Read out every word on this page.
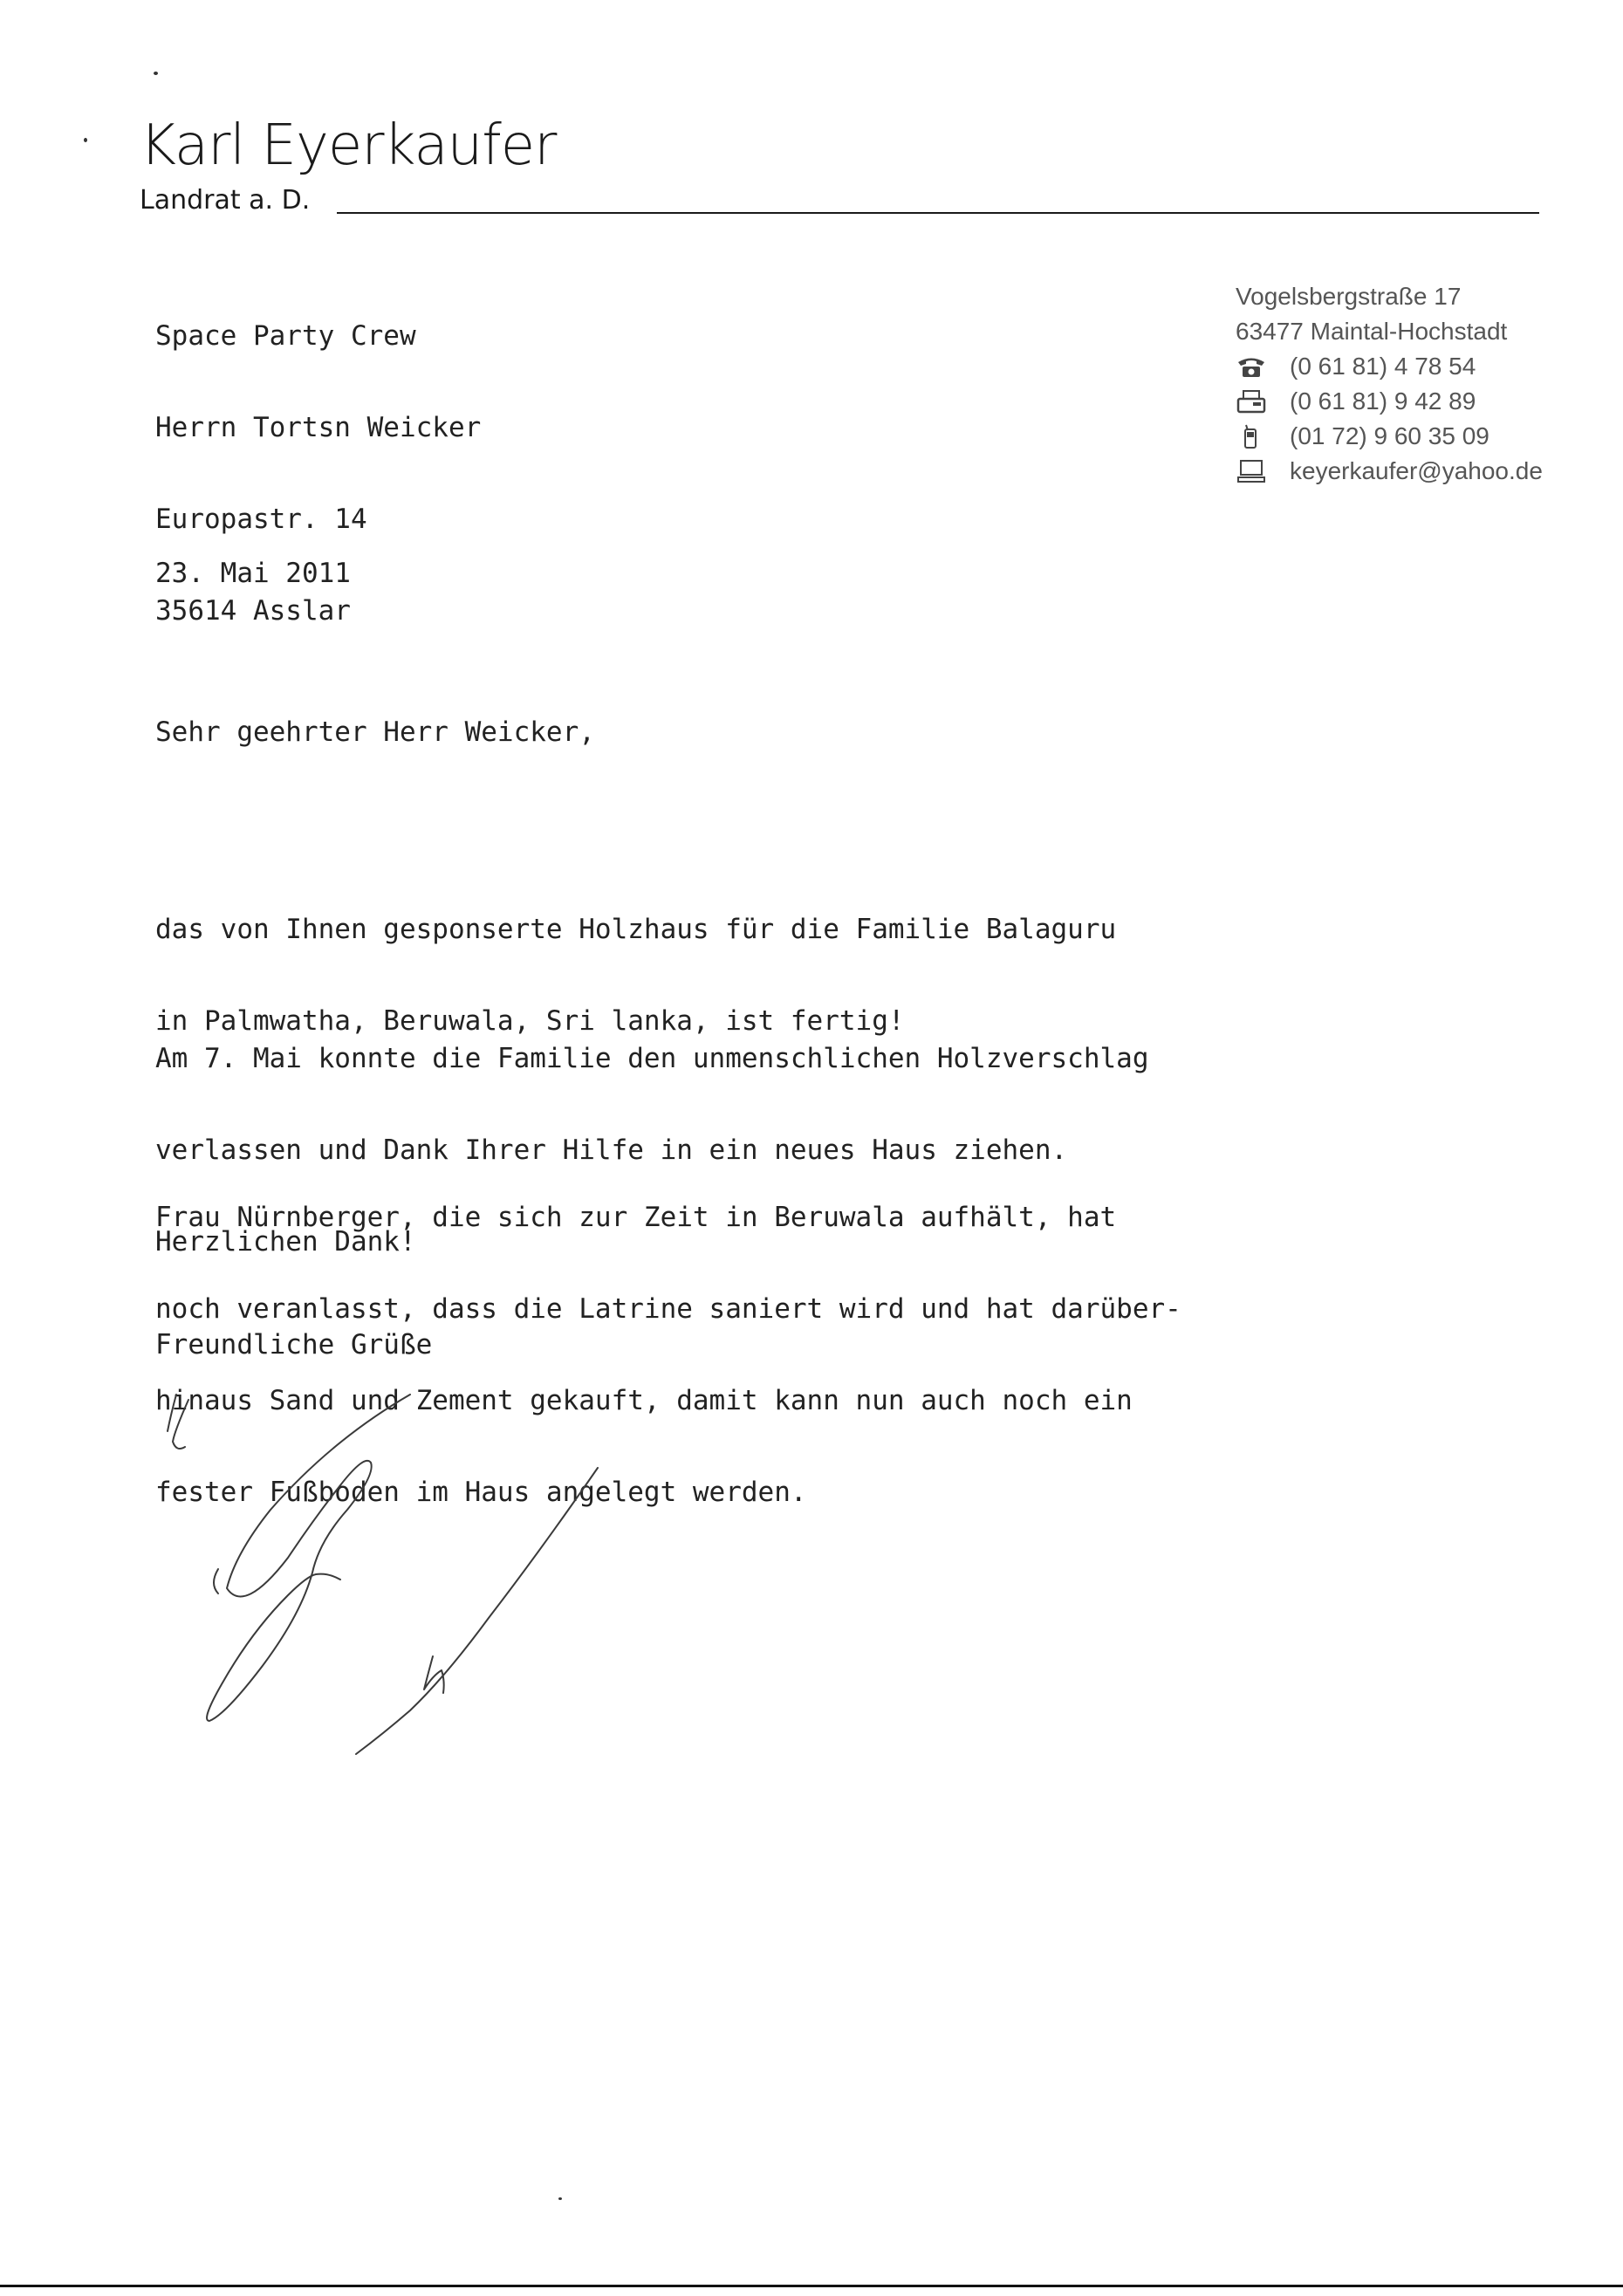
Karl Eyerkaufer
Landrat a. D.
Vogelsbergstraße 17
63477 Maintal-Hochstadt
(0 61 81) 4 78 54
(0 61 81) 9 42 89
(01 72) 9 60 35 09
keyerkaufer@yahoo.de

Space Party Crew

Herrn Tortsn Weicker

Europastr. 14

35614 Asslar

23. Mai 2011
Sehr geehrter Herr Weicker,

das von Ihnen gesponserte Holzhaus für die Familie Balaguru

in Palmwatha, Beruwala, Sri lanka, ist fertig!

Am 7. Mai konnte die Familie den unmenschlichen Holzverschlag

verlassen und Dank Ihrer Hilfe in ein neues Haus ziehen.

Herzlichen Dank!

Frau Nürnberger, die sich zur Zeit in Beruwala aufhält, hat

noch veranlasst, dass die Latrine saniert wird und hat darüber-

hinaus Sand und Zement gekauft, damit kann nun auch noch ein

fester Fußboden im Haus angelegt werden.

Freundliche Grüße
